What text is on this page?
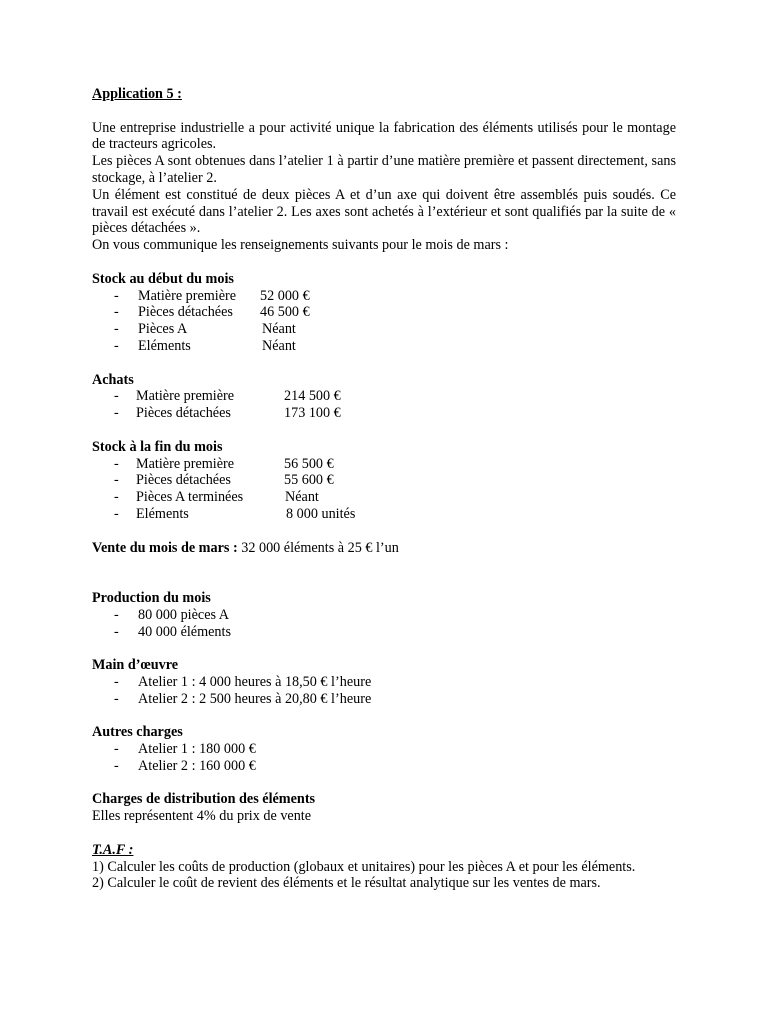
Application 5 :

Une entreprise industrielle a pour activité unique la fabrication des éléments utilisés pour le montage de tracteurs agricoles.

Les pièces A sont obtenues dans l’atelier 1 à partir d’une matière première et passent directement, sans stockage, à l’atelier 2.

Un élément est constitué de deux pièces A et d’un axe qui doivent être assemblés puis soudés. Ce travail est exécuté dans l’atelier 2. Les axes sont achetés à l’extérieur et sont qualifiés par la suite de « pièces détachées ».

On vous communique les renseignements suivants pour le mois de mars :

Stock au début du mois

-	Matière première	52 000 €
-	Pièces détachées	46 500 €
-	Pièces A	Néant
-	Eléments	Néant

Achats

-	Matière première	214 500 €
-	Pièces détachées	173 100 €

Stock à la fin du mois

-	Matière première	56 500 €
-	Pièces détachées	55 600 €
-	Pièces A terminées	Néant
-	Eléments	8 000 unités

Vente du mois de mars : 32 000 éléments à 25 € l’un

Production du mois

-	80 000 pièces A
-	40 000 éléments

Main d’œuvre

-	Atelier 1 : 4 000 heures à 18,50 € l’heure
-	Atelier 2 : 2 500 heures à 20,80 € l’heure

Autres charges

-	Atelier 1 : 180 000 €
-	Atelier 2 : 160 000 €

Charges de distribution des éléments

Elles représentent 4% du prix de vente

T.A.F :

1) Calculer les coûts de production (globaux et unitaires) pour les pièces A et pour les éléments.

2) Calculer le coût de revient des éléments et le résultat analytique sur les ventes de mars.
